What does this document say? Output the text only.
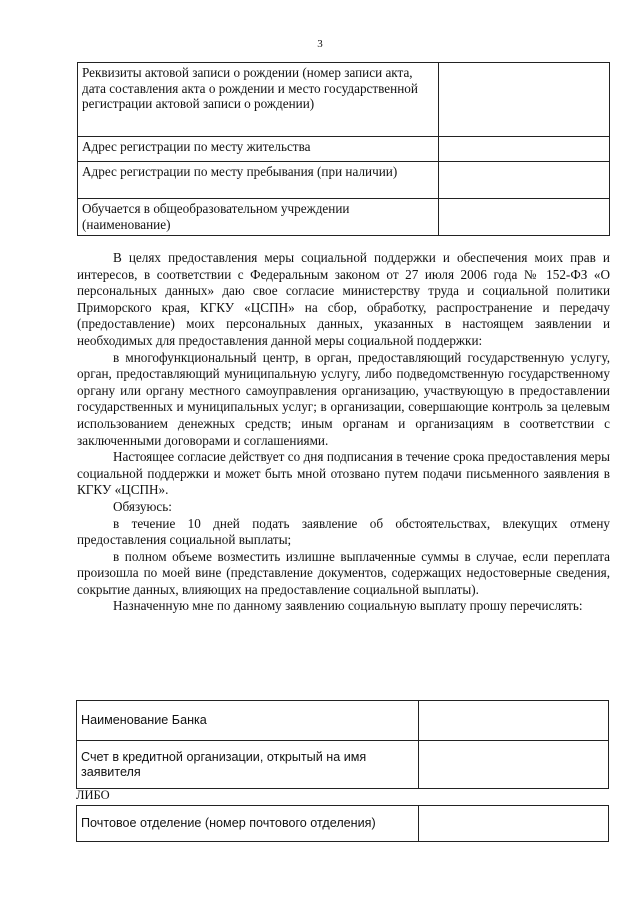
3
Реквизиты актовой записи о рождении (номер записи акта, дата составления акта о рождении и место государственной регистрации актовой записи о рождении)	

Адрес регистрации по месту жительства	

Адрес регистрации по месту пребывания (при наличии)	

Обучается в общеобразовательном учреждении (наименование)	

В целях предоставления меры социальной поддержки и обеспечения моих прав и интересов, в соответствии с Федеральным законом от 27 июля 2006 года № 152-ФЗ «О персональных данных» даю свое согласие министерству труда и социальной политики Приморского края, КГКУ «ЦСПН» на сбор, обработку, распространение и передачу (предоставление) моих персональных данных, указанных в настоящем заявлении и необходимых для предоставления данной меры социальной поддержки:

в многофункциональный центр, в орган, предоставляющий государственную услугу, орган, предоставляющий муниципальную услугу, либо подведомственную государственному органу или органу местного самоуправления организацию, участвующую в предоставлении государственных и муниципальных услуг; в организации, совершающие контроль за целевым использованием денежных средств; иным органам и организациям в соответствии с заключенными договорами и соглашениями.

Настоящее согласие действует со дня подписания в течение срока предоставления меры социальной поддержки и может быть мной отозвано путем подачи письменного заявления в КГКУ «ЦСПН».

Обязуюсь:

в течение 10 дней подать заявление об обстоятельствах, влекущих отмену предоставления социальной выплаты;

в полном объеме возместить излишне выплаченные суммы в случае, если переплата произошла по моей вине (представление документов, содержащих недостоверные сведения, сокрытие данных, влияющих на предоставление социальной выплаты).

Назначенную мне по данному заявлению социальную выплату прошу перечислять:

Наименование Банка	

Счет в кредитной организации, открытый на имя заявителя	
ЛИБО
Почтовое отделение (номер почтового отделения)	
